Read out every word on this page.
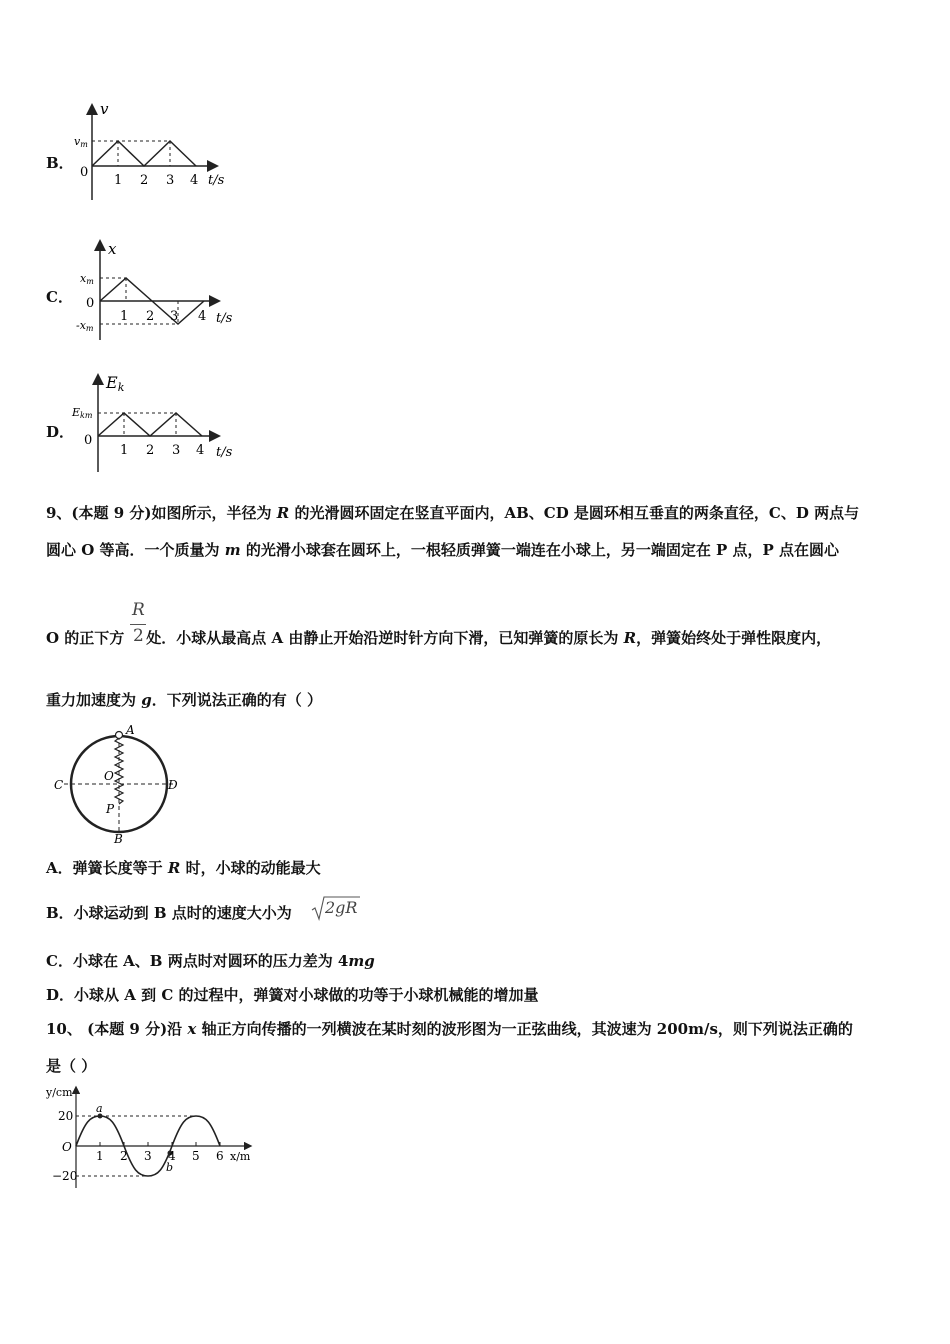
B．
v
vm
0
1 2 3 4 t/s
C．
x
xm
0
-xm
1 2 3 4 t/s
D．
Ek
Ekm
0
1 2 3 4 t/s
9、(本题 9 分)如图所示，半径为 R 的光滑圆环固定在竖直平面内，AB、CD 是圆环相互垂直的两条直径，C、D 两点与
圆心 O 等高．一个质量为 m 的光滑小球套在圆环上，一根轻质弹簧一端连在小球上，另一端固定在 P 点，P 点在圆心
R
2
O 的正下方 处．小球从最高点 A 由静止开始沿逆时针方向下滑，已知弹簧的原长为 R，弹簧始终处于弹性限度内，
重力加速度为 g．下列说法正确的有（ ）
A
B
C	D
O
P
A．弹簧长度等于 R 时，小球的动能最大
B．小球运动到 B 点时的速度大小为 2gR
C．小球在 A、B 两点时对圆环的压力差为 4mg
D．小球从 A 到 C 的过程中，弹簧对小球做的功等于小球机械能的增加量
10、 (本题 9 分)沿 x 轴正方向传播的一列横波在某时刻的波形图为一正弦曲线，其波速为 200m/s，则下列说法正确的
是（ ）
y/cm
x/m
O
20
−20
1 2 3 4 5 6
a
b
